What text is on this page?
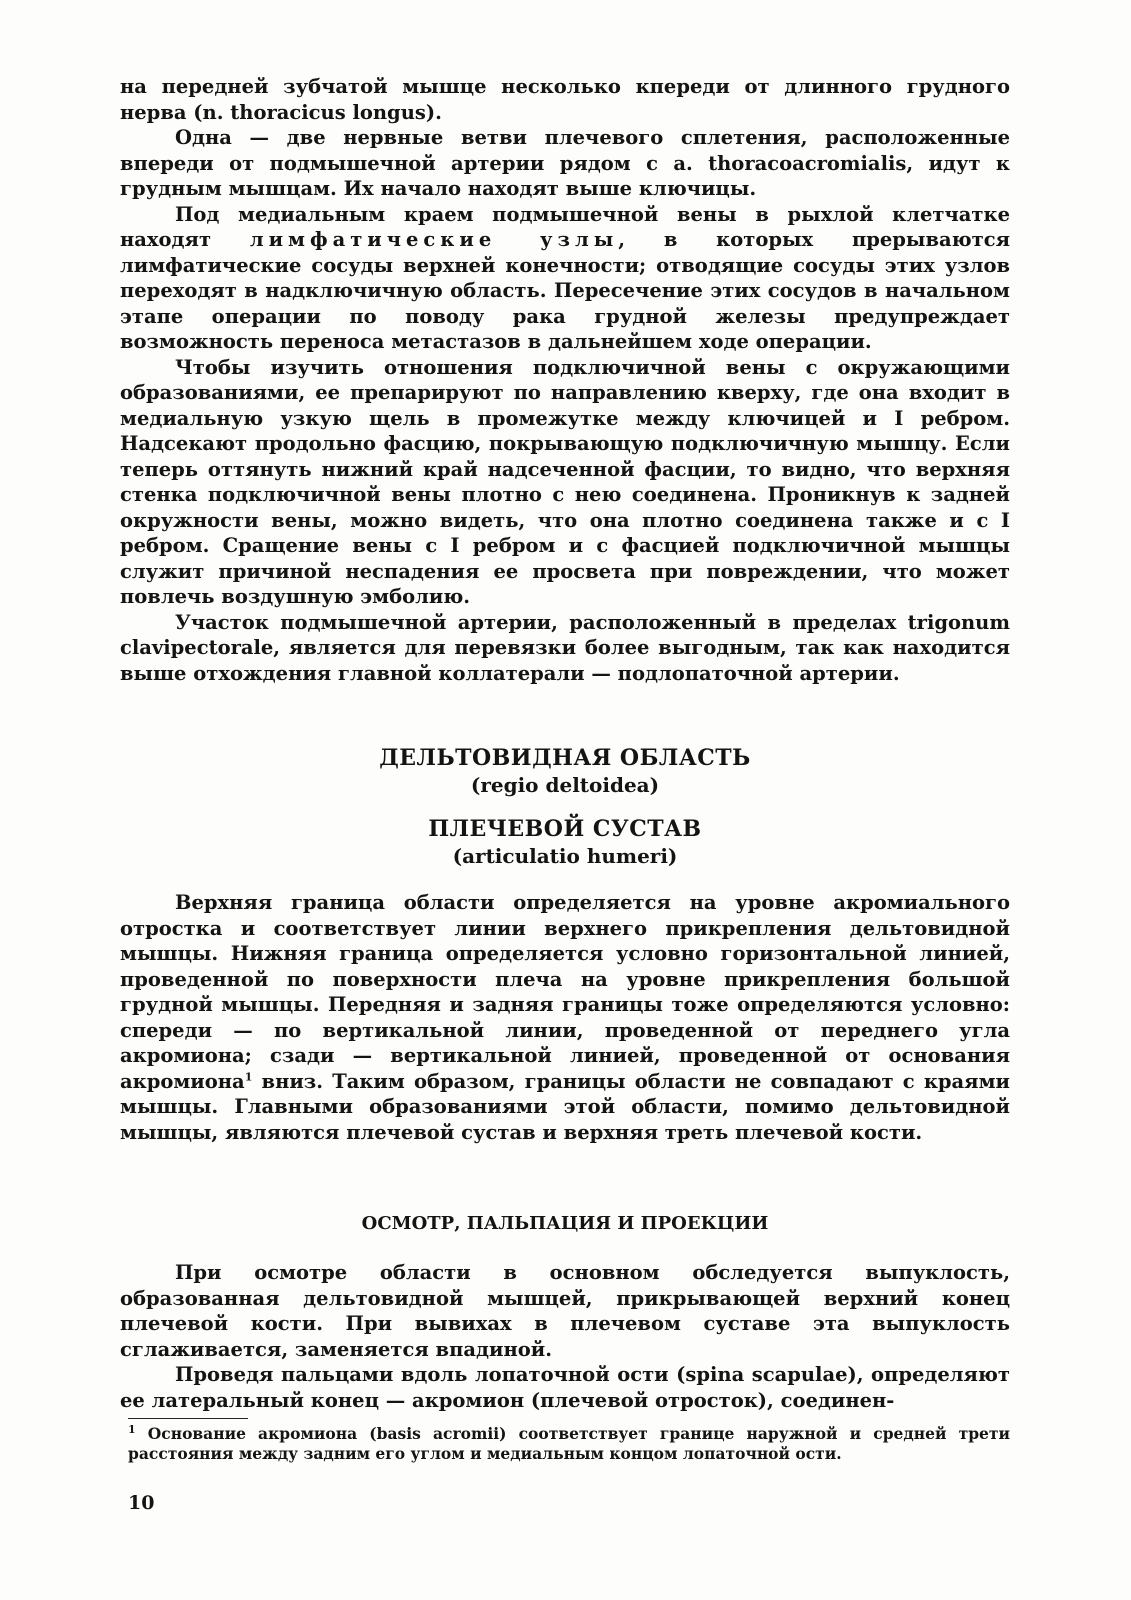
на передней зубчатой мышце несколько кпереди от длинного грудного нерва (n. thoracicus longus).

Одна — две нервные ветви плечевого сплетения, расположенные впереди от подмышечной артерии рядом с a. thoracoacromialis, идут к грудным мышцам. Их начало находят выше ключицы.

Под медиальным краем подмышечной вены в рыхлой клетчатке находят лимфатические узлы, в которых прерываются лимфатические сосуды верхней конечности; отводящие сосуды этих узлов переходят в надключичную область. Пересечение этих сосудов в начальном этапе операции по поводу рака грудной железы предупреждает возможность переноса метастазов в дальнейшем ходе операции.

Чтобы изучить отношения подключичной вены с окружающими образованиями, ее препарируют по направлению кверху, где она входит в медиальную узкую щель в промежутке между ключицей и I ребром. Надсекают продольно фасцию, покрывающую подключичную мышцу. Если теперь оттянуть нижний край надсеченной фасции, то видно, что верхняя стенка подключичной вены плотно с нею соединена. Проникнув к задней окружности вены, можно видеть, что она плотно соединена также и с I ребром. Сращение вены с I ребром и с фасцией подключичной мышцы служит причиной неспадения ее просвета при повреждении, что может повлечь воздушную эмболию.

Участок подмышечной артерии, расположенный в пределах trigonum clavipectorale, является для перевязки более выгодным, так как находится выше отхождения главной коллатерали — подлопаточной артерии.

ДЕЛЬТОВИДНАЯ ОБЛАСТЬ
(regio deltoidea)
ПЛЕЧЕВОЙ СУСТАВ
(articulatio humeri)

Верхняя граница области определяется на уровне акромиального отростка и соответствует линии верхнего прикрепления дельтовидной мышцы. Нижняя граница определяется условно горизонтальной линией, проведенной по поверхности плеча на уровне прикрепления большой грудной мышцы. Передняя и задняя границы тоже определяются условно: спереди — по вертикальной линии, проведенной от переднего угла акромиона; сзади — вертикальной линией, проведенной от основания акромиона$^1$ вниз. Таким образом, границы области не совпадают с краями мышцы. Главными образованиями этой области, помимо дельтовидной мышцы, являются плечевой сустав и верхняя треть плечевой кости.

ОСМОТР, ПАЛЬПАЦИЯ И ПРОЕКЦИИ

При осмотре области в основном обследуется выпуклость, образованная дельтовидной мышцей, прикрывающей верхний конец плечевой кости. При вывихах в плечевом суставе эта выпуклость сглаживается, заменяется впадиной.

Проведя пальцами вдоль лопаточной ости (spina scapulae), определяют ее латеральный конец — акромион (плечевой отросток), соединен-

$^1$ Основание акромиона (basis acromii) соответствует границе наружной и средней трети расстояния между задним его углом и медиальным концом лопаточной ости.
10
